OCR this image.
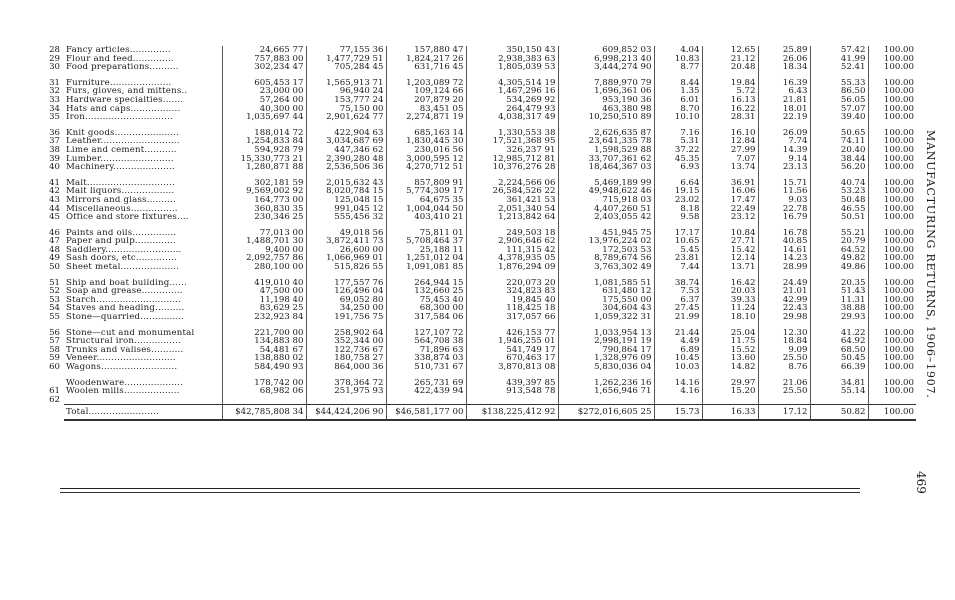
28	Fancy articles..............	24,665 77	77,155 36	157,880 47	350,150 43	609,852 03	4.04	12.65	25.89	57.42	100.00
29	Flour and feed..............	757,883 00	1,477,729 51	1,824,217 26	2,938,383 63	6,998,213 40	10.83	21.12	26.06	41.99	100.00
30	Food preparations..........	302,234 47	705,284 45	631,716 45	1,805,039 53	3,444,274 90	8.77	20.48	18.34	52.41	100.00

31	Furniture.....................	605,453 17	1,565,913 71	1,203,089 72	4,305,514 19	7,889,970 79	8.44	19.84	16.39	55.33	100.00
32	Furs, gloves, and mittens..	23,000 00	96,940 24	109,124 66	1,467,296 16	1,696,361 06	1.35	5.72	6.43	86.50	100.00
33	Hardware specialties.......	57,264 00	153,777 24	207,879 20	534,269 92	953,190 36	6.01	16.13	21.81	56.05	100.00
34	Hats and caps.................	40,300 00	75,150 00	83,451 05	264,479 93	463,380 98	8.70	16.22	18.01	57.07	100.00
35	Iron..............................	1,035,697 44	2,901,624 77	2,274,871 19	4,038,317 49	10,250,510 89	10.10	28.31	22.19	39.40	100.00

36	Knit goods......................	188,014 72	422,904 63	685,163 14	1,330,553 38	2,626,635 87	7.16	16.10	26.09	50.65	100.00
37	Leather...........................	1,254,833 84	3,034,687 69	1,830,445 30	17,521,368 95	23,641,335 78	5.31	12.84	7.74	74.11	100.00
38	Lime and cement...........	594,928 79	447,346 62	230,016 56	326,237 91	1,598,529 88	37.22	27.99	14.39	20.40	100.00
39	Lumber.........................	15,330,773 21	2,390,280 48	3,000,595 12	12,985,712 81	33,707,361 62	45.35	7.07	9.14	38.44	100.00
40	Machinery.....................	1,280,871 88	2,536,506 36	4,270,712 51	10,376,276 28	18,464,367 03	6.93	13.74	23.13	56.20	100.00

41	Malt..............................	302,181 59	2,015,632 43	857,809 91	2,224,566 06	5,469,189 99	6.64	36.91	15.71	40.74	100.00
42	Malt liquors..................	9,569,002 92	8,020,784 15	5,774,309 17	26,584,526 22	49,948,622 46	19.15	16.06	11.56	53.23	100.00
43	Mirrors and glass..........	164,773 00	125,048 15	64,675 35	361,421 53	715,918 03	23.02	17.47	9.03	50.48	100.00
44	Miscellaneous................	360,830 35	991,045 12	1,004,044 50	2,051,340 54	4,407,260 51	8.18	22.49	22.78	46.55	100.00
45	Office and store fixtures....	230,346 25	555,456 32	403,410 21	1,213,842 64	2,403,055 42	9.58	23.12	16.79	50.51	100.00

46	Paints and oils...............	77,013 00	49,018 56	75,811 01	249,503 18	451,945 75	17.17	10.84	16.78	55.21	100.00
47	Paper and pulp..............	1,488,701 30	3,872,411 73	5,708,464 37	2,906,646 62	13,976,224 02	10.65	27.71	40.85	20.79	100.00
48	Saddlery..........................	9,400 00	26,600 00	25,188 11	111,315 42	172,503 53	5.45	15.42	14.61	64.52	100.00
49	Sash doors, etc..............	2,092,757 86	1,066,969 01	1,251,012 04	4,378,935 05	8,789,674 56	23.81	12.14	14.23	49.82	100.00
50	Sheet metal....................	280,100 00	515,826 55	1,091,081 85	1,876,294 09	3,763,302 49	7.44	13.71	28.99	49.86	100.00

51	Ship and boat building......	419,010 40	177,557 76	264,944 15	220,073 20	1,081,585 51	38.74	16.42	24.49	20.35	100.00
52	Soap and grease..............	47,500 00	126,496 04	132,660 25	324,823 83	631,480 12	7.53	20.03	21.01	51.43	100.00
53	Starch.............................	11,198 40	69,052 80	75,453 40	19,845 40	175,550 00	6.37	39.33	42.99	11.31	100.00
54	Staves and heading..........	83,629 25	34,250 00	68,300 00	118,425 18	304,604 43	27.45	11.24	22.43	38.88	100.00
55	Stone—quarried...............	232,923 84	191,756 75	317,584 06	317,057 66	1,059,322 31	21.99	18.10	29.98	29.93	100.00

56	Stone—cut and monumental	221,700 00	258,902 64	127,107 72	426,153 77	1,033,954 13	21.44	25.04	12.30	41.22	100.00
57	Structural iron................	134,883 80	352,344 00	564,708 38	1,946,255 01	2,998,191 19	4.49	11.75	18.84	64.92	100.00
58	Trunks and valises...........	54,481 67	122,736 67	71,896 63	541,749 17	790,864 17	6.89	15.52	9.09	68.50	100.00
59	Veneer...........................	138,880 02	180,758 27	338,874 03	670,463 17	1,328,976 09	10.45	13.60	25.50	50.45	100.00
60	Wagons..........................	584,490 93	864,000 36	510,731 67	3,870,813 08	5,830,036 04	10.03	14.82	8.76	66.39	100.00

	Woodenware....................	178,742 00	378,364 72	265,731 69	439,397 85	1,262,236 16	14.16	29.97	21.06	34.81	100.00
61	Woolen mills...................	68,982 06	251,975 93	422,439 94	913,548 78	1,656,946 71	4.16	15.20	25.50	55.14	100.00
62											
	Total........................	$42,785,808 34	$44,424,206 90	$46,581,177 00	$138,225,412 92	$272,016,605 25	15.73	16.33	17.12	50.82	100.00
MANUFACTURING RETURNS, 1906–1907.
469
